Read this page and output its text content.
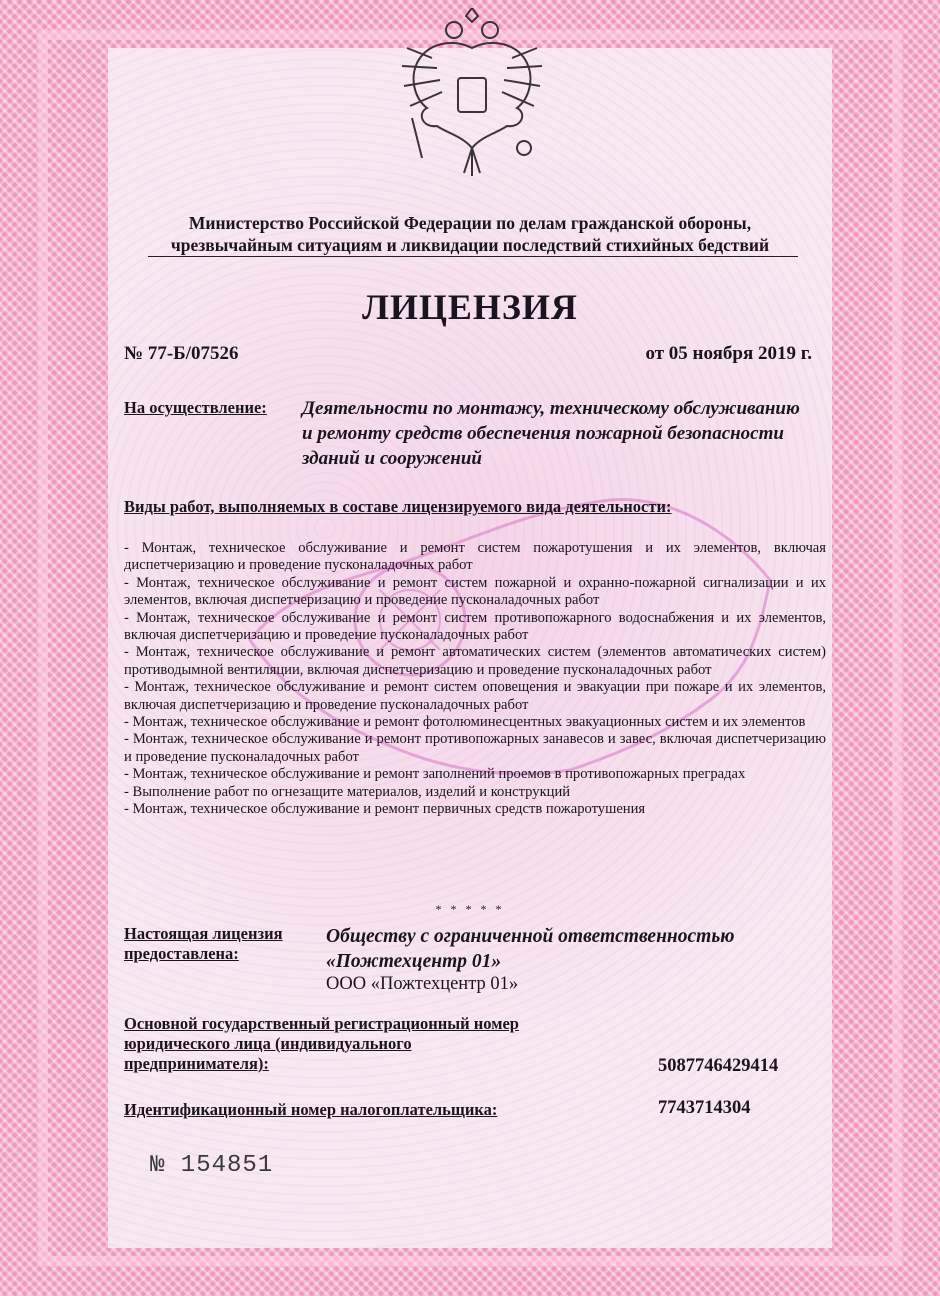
Министерство Российской Федерации по делам гражданской обороны,
чрезвычайным ситуациям и ликвидации последствий стихийных бедствий
ЛИЦЕНЗИЯ
№ 77-Б/07526	от 05 ноября 2019 г.
На осуществление: Деятельности по монтажу, техническому обслуживанию и ремонту средств обеспечения пожарной безопасности зданий и сооружений
Виды работ, выполняемых в составе лицензируемого вида деятельности:
- Монтаж, техническое обслуживание и ремонт систем пожаротушения и их элементов, включая диспетчеризацию и проведение пусконаладочных работ
- Монтаж, техническое обслуживание и ремонт систем пожарной и охранно-пожарной сигнализации и их элементов, включая диспетчеризацию и проведение пусконаладочных работ
- Монтаж, техническое обслуживание и ремонт систем противопожарного водоснабжения и их элементов, включая диспетчеризацию и проведение пусконаладочных работ
- Монтаж, техническое обслуживание и ремонт автоматических систем (элементов автоматических систем) противодымной вентиляции, включая диспетчеризацию и проведение пусконаладочных работ
- Монтаж, техническое обслуживание и ремонт систем оповещения и эвакуации при пожаре и их элементов, включая диспетчеризацию и проведение пусконаладочных работ
- Монтаж, техническое обслуживание и ремонт фотолюминесцентных эвакуационных систем и их элементов
- Монтаж, техническое обслуживание и ремонт противопожарных занавесов и завес, включая диспетчеризацию и проведение пусконаладочных работ
- Монтаж, техническое обслуживание и ремонт заполнений проемов в противопожарных преградах
- Выполнение работ по огнезащите материалов, изделий и конструкций
- Монтаж, техническое обслуживание и ремонт первичных средств пожаротушения
* * * * *
Настоящая лицензия предоставлена:
Обществу с ограниченной ответственностью «Пожтехцентр 01»
ООО «Пожтехцентр 01»
Основной государственный регистрационный номер юридического лица (индивидуального предпринимателя):	5087746429414
Идентификационный номер налогоплательщика:	7743714304
№ 154851
